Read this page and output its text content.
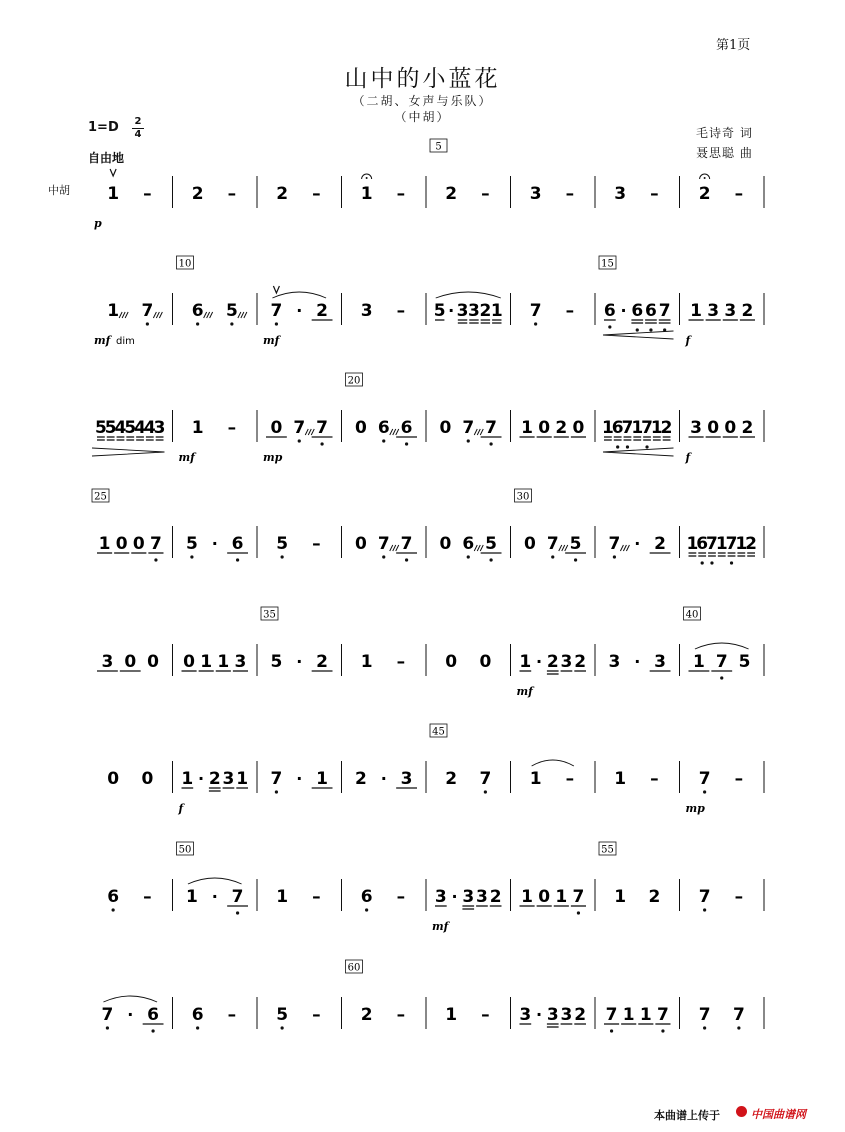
第1页
山中的小蓝花
（二胡、女声与乐队）
（中胡）
1=D 2
4	毛诗奇 词
聂思聪 曲
自由地
中胡 1 –
p
2 – 2 – 1 –
5
2 – 3 – 3 – 2 –
1 7
mf dim
10
6 5 7 · 2
mf
3 – 5 · 3 3 2 1 7 –
15
6 · 6 6 7 1 3 3 2
f
5
5
4
5
4
4
3 1 –
mf
0 7 7
mp
20
0 6 6 0 7 7 1 0 2 0 1
6
7
1
7
1
2 3 0 0 2
f
25
1 0 0 7 5 · 6 5 – 0 7 7 0 6 5
30
0 7 5 7 · 2 1
6
7
1
7
1
2
3 0 0 0 1 1 3
35
5 · 2 1 – 0 0 1 · 2 3 2
mf
3 · 3
40
1 7 5
0 0 1 · 2 3 1
f
7 · 1 2 · 3
45
2 7 1 – 1 – 7 –
mp
6 –
50
1 · 7 1 – 6 – 3 · 3 3 2
mf
1 0 1 7
55
1 2 7 –
7 · 6 6 – 5 –
60
2 – 1 – 3 · 3 3 2 7 1 1 7 7 7
本曲谱上传于	中国曲谱网
